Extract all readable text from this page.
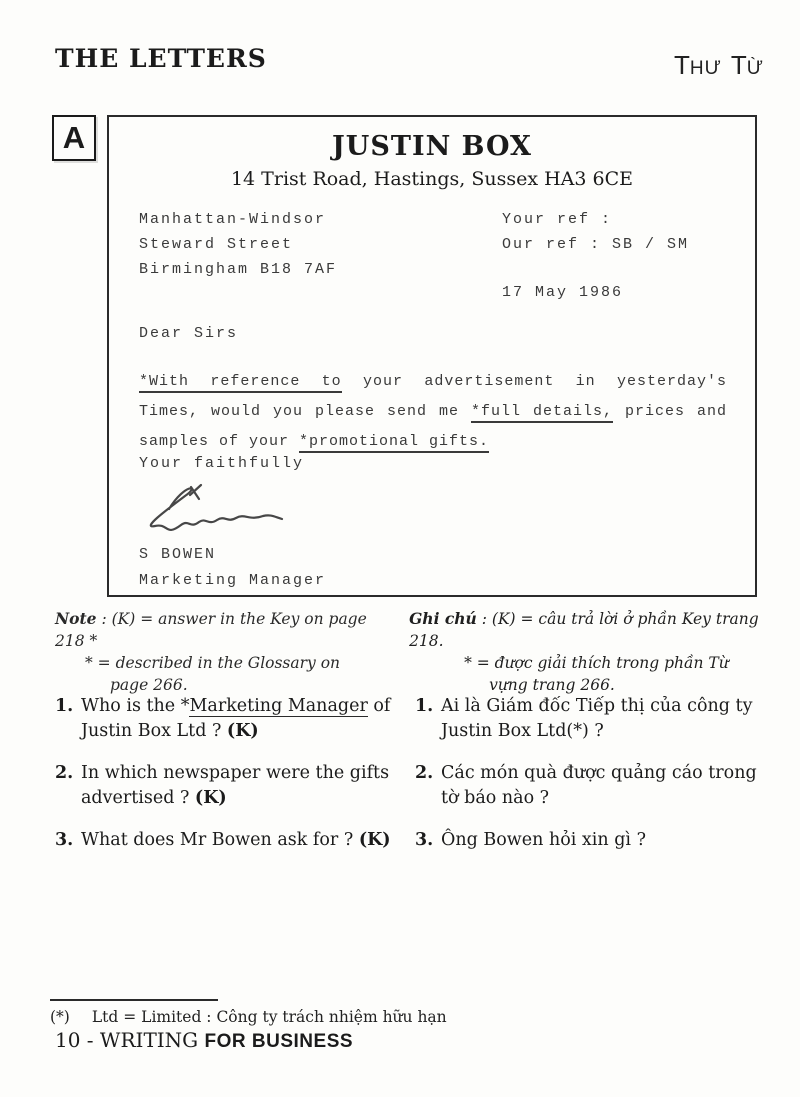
THE LETTERS	THƯ TỪ
A	JUSTIN BOX
14 Trist Road, Hastings, Sussex HA3 6CE
Manhattan-Windsor
Steward Street
Birmingham B18 7AF
Your ref :
Our ref : SB / SM
17 May 1986
Dear Sirs
*With reference to your advertisement in yesterday's
Times, would you please send me *full details, prices and
samples of your *promotional gifts.
Your faithfully
S BOWEN
Marketing Manager
Note : (K) = answer in the Key on page 218 *
* = described in the Glossary on
page 266.
Ghi chú : (K) = câu trả lời ở phần Key trang 218.
* = được giải thích trong phần Từ
vựng trang 266.
1. Who is the *Marketing Manager of Justin Box Ltd ? (K)
2. In which newspaper were the gifts advertised ? (K)
3. What does Mr Bowen ask for ? (K)
1. Ai là Giám đốc Tiếp thị của công ty Justin Box Ltd(*) ?
2. Các món quà được quảng cáo trong tờ báo nào ?
3. Ông Bowen hỏi xin gì ?
(*) Ltd = Limited : Công ty trách nhiệm hữu hạn
10 - WRITING FOR BUSINESS
